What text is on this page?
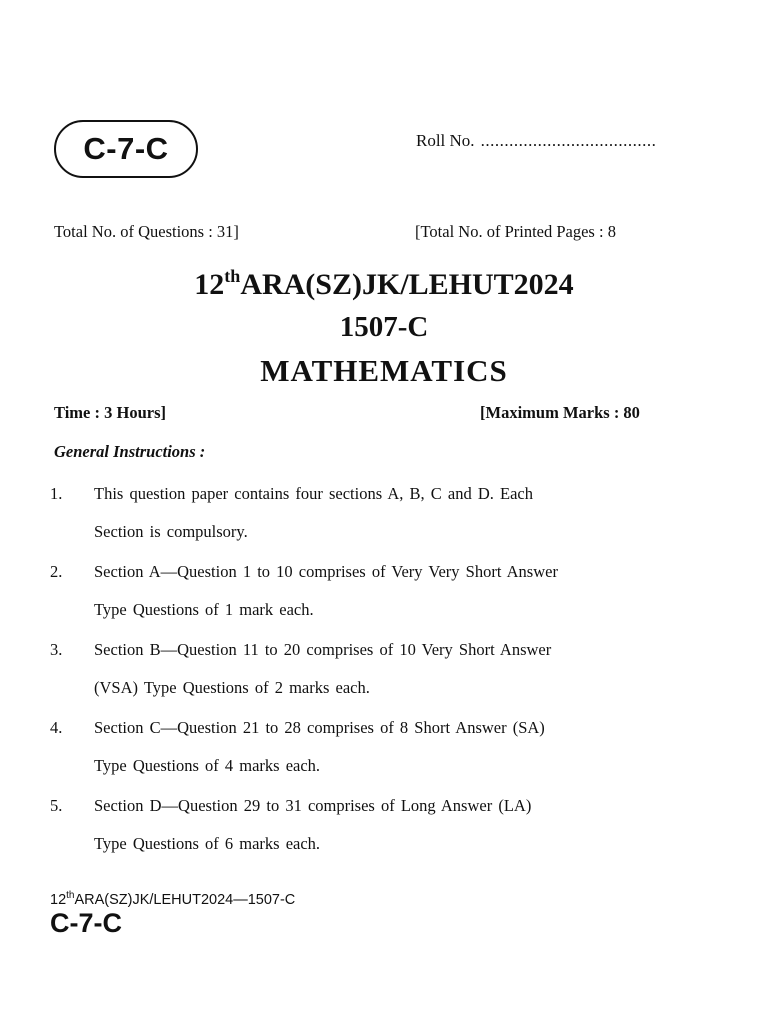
C-7-C	Roll No. .....................................
Total No. of Questions : 31]	[Total No. of Printed Pages : 8
12thARA(SZ)JK/LEHUT2024
1507-C
MATHEMATICS
Time : 3 Hours]	[Maximum Marks : 80
General Instructions :
1. This question paper contains four sections A, B, C and D. Each
Section is compulsory.
2. Section A—Question 1 to 10 comprises of Very Very Short Answer
Type Questions of 1 mark each.
3. Section B—Question 11 to 20 comprises of 10 Very Short Answer
(VSA) Type Questions of 2 marks each.
4. Section C—Question 21 to 28 comprises of 8 Short Answer (SA)
Type Questions of 4 marks each.
5. Section D—Question 29 to 31 comprises of Long Answer (LA)
Type Questions of 6 marks each.
12thARA(SZ)JK/LEHUT2024—1507-C
C-7-C
